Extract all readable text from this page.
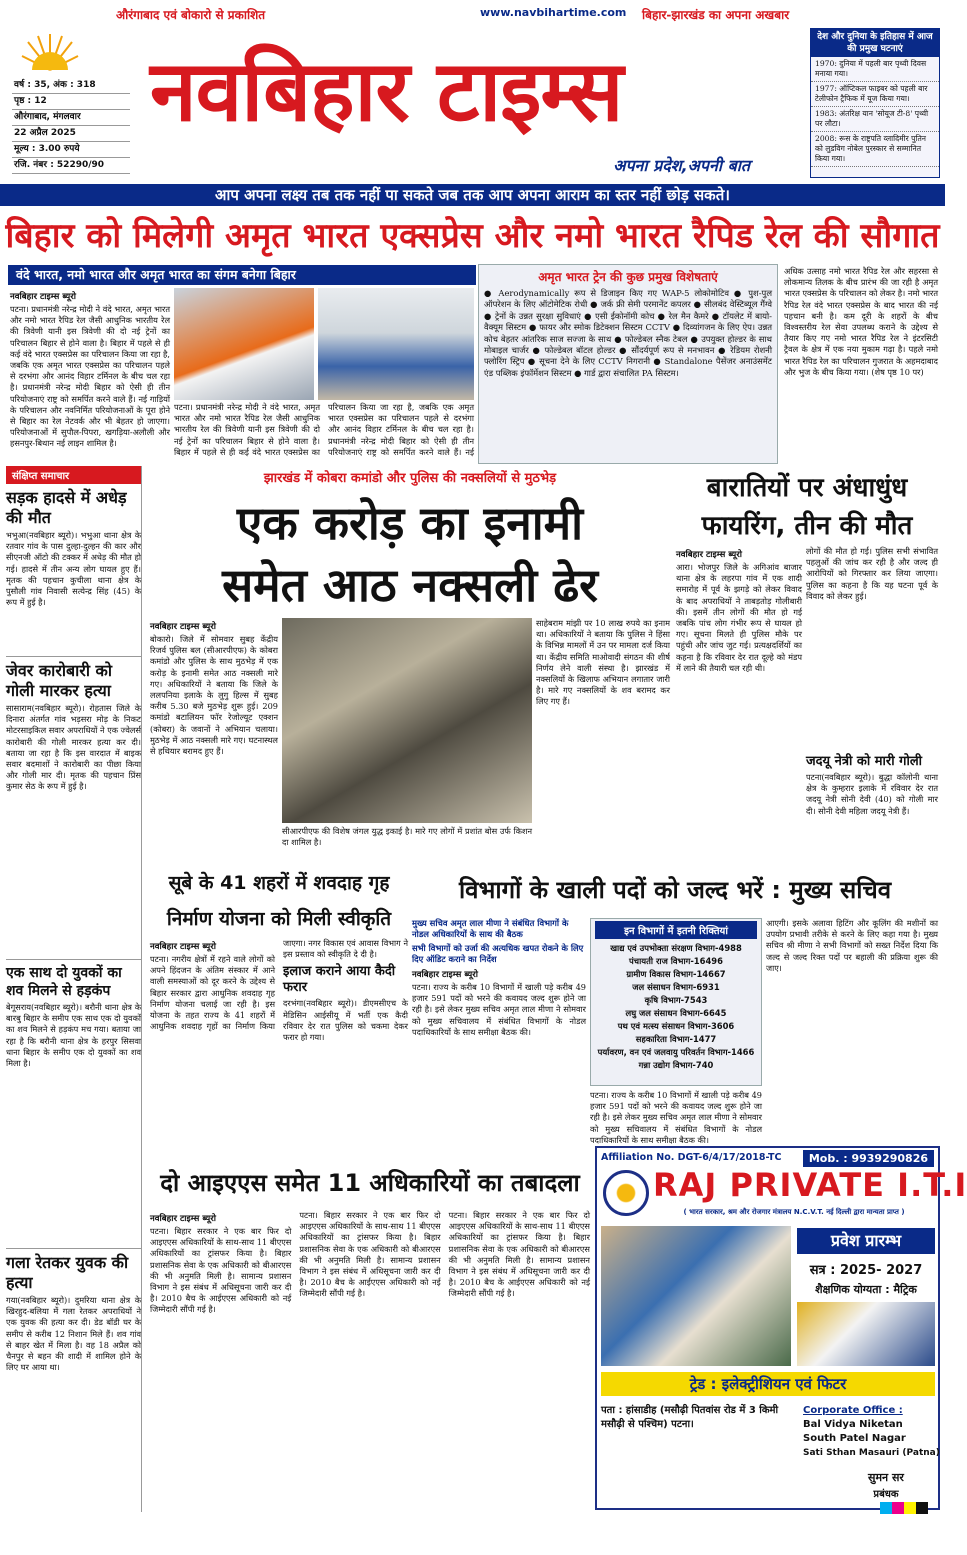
औरंगाबाद एवं बोकारो से प्रकाशित	www.navbihartime.com बिहार-झारखंड का अपना अखबार
वर्ष : 35, अंक : 318
पृष्ठ : 12
औरंगाबाद, मंगलवार
22 अप्रैल 2025
मूल्य : 3.00 रुपये
रजि. नंबर : 52290/90
नवबिहार टाइम्स
अपना प्रदेश,अपनी बात
देश और दुनिया के इतिहास में आज की प्रमुख घटनाएं
1970: दुनिया में पहली बार पृथ्वी दिवस मनाया गया।
1977: ऑप्टिकल फाइबर को पहली बार टेलीफोन ट्रैफिक में यूज किया गया।
1983: अंतरिक्ष यान 'सोयूज टी-8' पृथ्वी पर लौटा।
2008: रूस के राष्ट्रपति व्लादिमीर पुतिन को लुडविग नोबेल पुरस्कार से सम्मानित किया गया।
आप अपना लक्ष्य तब तक नहीं पा सकते जब तक आप अपना आराम का स्तर नहीं छोड़ सकते।
बिहार को मिलेगी अमृत भारत एक्सप्रेस और नमो भारत रैपिड रेल की सौगात
वंदे भारत, नमो भारत और अमृत भारत का संगम बनेगा बिहार
नवबिहार टाइम्स ब्यूरो
पटना। प्रधानमंत्री नरेन्द्र मोदी ने वंदे भारत, अमृत भारत और नमो भारत रैपिड रेल जैसी आधुनिक भारतीय रेल की त्रिवेणी यानी इस त्रिवेणी की दो नई ट्रेनों का परिचालन बिहार से होने वाला है। बिहार में पहले से ही कई वंदे भारत एक्सप्रेस का परिचालन किया जा रहा है, जबकि एक अमृत भारत एक्सप्रेस का परिचालन पहले से दरभंगा और आनंद विहार टर्मिनल के बीच चल रहा है। प्रधानमंत्री नरेन्द्र मोदी बिहार को ऐसी ही तीन परियोजनाएं राष्ट्र को समर्पित करने वाले हैं। नई गाड़ियों के परिचालन और नवनिर्मित परियोजनाओं के पूरा होने से बिहार का रेल नेटवर्क और भी बेहतर हो जाएगा। परियोजनाओं में सुपौल-पिपरा, खगड़िया-अलौली और हसनपुर-बिथान नई लाइन शामिल है।
पटना। प्रधानमंत्री नरेन्द्र मोदी ने वंदे भारत, अमृत भारत और नमो भारत रैपिड रेल जैसी आधुनिक भारतीय रेल की त्रिवेणी यानी इस त्रिवेणी की दो नई ट्रेनों का परिचालन बिहार से होने वाला है। बिहार में पहले से ही कई वंदे भारत एक्सप्रेस का परिचालन किया जा रहा है, जबकि एक अमृत भारत एक्सप्रेस का परिचालन पहले से दरभंगा और आनंद विहार टर्मिनल के बीच चल रहा है। प्रधानमंत्री नरेन्द्र मोदी बिहार को ऐसी ही तीन परियोजनाएं राष्ट्र को समर्पित करने वाले हैं। नई
अमृत भारत ट्रेन की कुछ प्रमुख विशेषताएं
● Aerodynamically रूप से डिजाइन किए गए WAP-5 लोकोमोटिव ● पुश-पुल ऑपरेशन के लिए ऑटोमेटिक रोधी ● जर्क फ्री सेमी परमानेंट कपलर ● सीलबंद वेस्टिब्यूल गैंग्वे ● ट्रेनों के उन्नत सुरक्षा सुविधाएं ● एसी ईकोनॉमी कोच ● रेल मैन कैमरे ● टॉयलेट में बायो-वैक्यूम सिस्टम ● फायर और स्मोक डिटेक्शन सिस्टम CCTV ● दिव्यांगजन के लिए ऐप। उन्नत कोच बेहतर आंतरिक साज सज्जा के साथ ● फोल्डेबल स्नैक टेबल ● उपयुक्त होल्डर के साथ मोबाइल चार्जर ● फोल्डेबल बॉटल होल्डर ● सौंदर्यपूर्ण रूप से मनभावन ● रेडियम रोशनी फ्लोरिंग स्ट्रिप ● सूचना देने के लिए CCTV निगरानी ● Standalone पैसेंजर अनाउंसमेंट एंड पब्लिक इंफॉर्मेशन सिस्टम ● गार्ड द्वारा संचालित PA सिस्टम।
अधिक उत्साह नमो भारत रैपिड रेल और सहरसा से लोकमान्य तिलक के बीच प्रारंभ की जा रही है अमृत भारत एक्सप्रेस के परिचालन को लेकर है। नमो भारत रैपिड रेल वंदे भारत एक्सप्रेस के बाद भारत की नई पहचान बनी है। कम दूरी के शहरों के बीच विश्वस्तरीय रेल सेवा उपलब्ध कराने के उद्देश्य से तैयार किए गए नमो भारत रैपिड रेल ने इंटरसिटी ट्रैवल के क्षेत्र में एक नया मुकाम गढ़ा है। पहले नमो भारत रैपिड रेल का परिचालन गुजरात के अहमदाबाद और भुज के बीच किया गया। (शेष पृष्ठ 10 पर)
संक्षिप्त समाचार
सड़क हादसे में अधेड़ की मौत
भभुआ(नवबिहार ब्यूरो)। भभुआ थाना क्षेत्र के रतवार गांव के पास दुल्हा-दुल्हन की कार और सीएनजी ऑटो की टक्कर में अधेड़ की मौत हो गई। हादसे में तीन अन्य लोग घायल हुए हैं। मृतक की पहचान कुचीला थाना क्षेत्र के पुसौली गांव निवासी सत्येन्द्र सिंह (45) के रूप में हुई है।
जेवर कारोबारी को गोली मारकर हत्या
सासाराम(नवबिहार ब्यूरो)। रोहतास जिले के दिनारा अंतर्गत गांव भड़सरा मोड़ के निकट मोटरसाइकिल सवार अपराधियों ने एक ज्वेलर्स कारोबारी की गोली मारकर हत्या कर दी। बताया जा रहा है कि इस वारदात में बाइक सवार बदमाशों ने कारोबारी का पीछा किया और गोली मार दी। मृतक की पहचान प्रिंस कुमार सेठ के रूप में हुई है।
एक साथ दो युवकों का शव मिलने से हड़कंप
बेगूसराय(नवबिहार ब्यूरो)। बरौनी थाना क्षेत्र के बारबु बिहार के समीप एक साथ एक दो युवकों का शव मिलने से हड़कंप मच गया। बताया जा रहा है कि बरौनी थाना क्षेत्र के हरपुर सिसवा धाना बिहार के समीप एक दो युवकों का शव मिला है।
गला रेतकर युवक की हत्या
गया(नवबिहार ब्यूरो)। दुमरिया थाना क्षेत्र के खिरहुद-बलिया में गला रेतकर अपराधियों ने एक युवक की हत्या कर दी। डेड बॉडी घर के समीप से करीब 12 निशान मिले हैं। शव गांव से बाहर खेत में मिला है। वह 18 अप्रैल को चैनपुर से बहन की शादी में शामिल होने के लिए घर आया था।
झारखंड में कोबरा कमांडो और पुलिस की नक्सलियों से मुठभेड़
एक करोड़ का इनामी
समेत आठ नक्सली ढेर
नवबिहार टाइम्स ब्यूरो
बोकारो। जिले में सोमवार सुबह केंद्रीय रिजर्व पुलिस बल (सीआरपीएफ) के कोबरा कमांडो और पुलिस के साथ मुठभेड़ में एक करोड़ के इनामी समेत आठ नक्सली मारे गए। अधिकारियों ने बताया कि जिले के ललपनिया इलाके के लुगु हिल्स में सुबह करीब 5.30 बजे मुठभेड़ शुरू हुई। 209 कमांडो बटालियन फॉर रेजोल्यूट एक्शन (कोबरा) के जवानों ने अभियान चलाया। मुठभेड़ में आठ नक्सली मारे गए। घटनास्थल से हथियार बरामद हुए हैं।
सीआरपीएफ की विशेष जंगल युद्ध इकाई है। मारे गए लोगों में प्रशांत बोस उर्फ किशन दा शामिल है।
साहेबराम मांझी पर 10 लाख रुपये का इनाम था। अधिकारियों ने बताया कि पुलिस ने हिंसा के विभिन्न मामलों में उन पर मामला दर्ज किया था। केंद्रीय समिति माओवादी संगठन की शीर्ष निर्णय लेने वाली संस्था है। झारखंड में नक्सलियों के खिलाफ अभियान लगातार जारी है। मारे गए नक्सलियों के शव बरामद कर लिए गए हैं।
बारातियों पर अंधाधुंध
फायरिंग, तीन की मौत
नवबिहार टाइम्स ब्यूरो
आरा। भोजपुर जिले के अगिआंव बाजार थाना क्षेत्र के लहरपा गांव में एक शादी समारोह में पूर्व के झगड़े को लेकर विवाद के बाद अपराधियों ने ताबड़तोड़ गोलीबारी की। इसमें तीन लोगों की मौत हो गई जबकि पांच लोग गंभीर रूप से घायल हो गए। सूचना मिलते ही पुलिस मौके पर पहुंची और जांच जुट गई। प्रत्यक्षदर्शियों का कहना है कि रविवार देर रात दूल्हे को मंडप में लाने की तैयारी चल रही थी।
लोगों की मौत हो गई। पुलिस सभी संभावित पहलुओं की जांच कर रही है और जल्द ही आरोपियों को गिरफ्तार कर लिया जाएगा। पुलिस का कहना है कि यह घटना पूर्व के विवाद को लेकर हुई।
जदयू नेत्री को मारी गोली
पटना(नवबिहार ब्यूरो)। बुद्धा कॉलोनी थाना क्षेत्र के कुम्हरार इलाके में रविवार देर रात जदयू नेत्री सोनी देवी (40) को गोली मार दी। सोनी देवी महिला जदयू नेत्री हैं।
सूबे के 41 शहरों में शवदाह गृह
निर्माण योजना को मिली स्वीकृति
नवबिहार टाइम्स ब्यूरो
पटना। नगरीय क्षेत्रों में रहने वाले लोगों को अपने हिंदजन के अंतिम संस्कार में आने वाली समस्याओं को दूर करने के उद्देश्य से बिहार सरकार द्वारा आधुनिक शवदाह गृह निर्माण योजना चलाई जा रही है। इस योजना के तहत राज्य के 41 शहरों में आधुनिक शवदाह गृहों का निर्माण किया जाएगा। नगर विकास एवं आवास विभाग ने इस प्रस्ताव को स्वीकृति दे दी है।
इलाज कराने आया कैदी फरार
दरभंगा(नवबिहार ब्यूरो)। डीएमसीएच के मेडिसिन आईसीयू में भर्ती एक कैदी रविवार देर रात पुलिस को चकमा देकर फरार हो गया।
विभागों के खाली पदों को जल्द भरें : मुख्य सचिव
मुख्य सचिव अमृत लाल मीणा ने संबंधित विभागों के नोडल अधिकारियों के साथ की बैठक
सभी विभागों को उर्जा की अत्यधिक खपत रोकने के लिए दिए ऑडिट कराने का निर्देश
नवबिहार टाइम्स ब्यूरो
पटना। राज्य के करीब 10 विभागों में खाली पड़े करीब 49 हजार 591 पदों को भरने की कवायद जल्द शुरू होने जा रही है। इसे लेकर मुख्य सचिव अमृत लाल मीणा ने सोमवार को मुख्य सचिवालय में संबंधित विभागों के नोडल पदाधिकारियों के साथ समीक्षा बैठक की।
इन विभागों में इतनी रिक्तियां
खाद्य एवं उपभोक्ता संरक्षण विभाग-4988
पंचायती राज विभाग-16496
ग्रामीण विकास विभाग-14667
जल संसाधन विभाग-6931
कृषि विभाग-7543
लघु जल संसाधन विभाग-6645
पथ एवं मत्स्य संसाधन विभाग-3606
सहकारिता विभाग-1477
पर्यावरण, वन एवं जलवायु परिवर्तन विभाग-1466
गन्ना उद्योग विभाग-740
पटना। राज्य के करीब 10 विभागों में खाली पड़े करीब 49 हजार 591 पदों को भरने की कवायद जल्द शुरू होने जा रही है। इसे लेकर मुख्य सचिव अमृत लाल मीणा ने सोमवार को मुख्य सचिवालय में संबंधित विभागों के नोडल पदाधिकारियों के साथ समीक्षा बैठक की।
आएगी। इसके अलावा हिटिंग और कूलिंग की मशीनों का उपयोग प्रभावी तरीके से करने के लिए कहा गया है। मुख्य सचिव श्री मीणा ने सभी विभागों को सख्त निर्देश दिया कि जल्द से जल्द रिक्त पदों पर बहाली की प्रक्रिया शुरू की जाए।
दो आइएएस समेत 11 अधिकारियों का तबादला
नवबिहार टाइम्स ब्यूरो
पटना। बिहार सरकार ने एक बार फिर दो आइएएस अधिकारियों के साथ-साथ 11 बीएएस अधिकारियों का ट्रांसफर किया है। बिहार प्रशासनिक सेवा के एक अधिकारी को बीआरएस की भी अनुमति मिली है। सामान्य प्रशासन विभाग ने इस संबंध में अधिसूचना जारी कर दी है। 2010 बैच के आईएएस अधिकारी को नई जिम्मेदारी सौंपी गई है।
पटना। बिहार सरकार ने एक बार फिर दो आइएएस अधिकारियों के साथ-साथ 11 बीएएस अधिकारियों का ट्रांसफर किया है। बिहार प्रशासनिक सेवा के एक अधिकारी को बीआरएस की भी अनुमति मिली है। सामान्य प्रशासन विभाग ने इस संबंध में अधिसूचना जारी कर दी है। 2010 बैच के आईएएस अधिकारी को नई जिम्मेदारी सौंपी गई है।
पटना। बिहार सरकार ने एक बार फिर दो आइएएस अधिकारियों के साथ-साथ 11 बीएएस अधिकारियों का ट्रांसफर किया है। बिहार प्रशासनिक सेवा के एक अधिकारी को बीआरएस की भी अनुमति मिली है। सामान्य प्रशासन विभाग ने इस संबंध में अधिसूचना जारी कर दी है। 2010 बैच के आईएएस अधिकारी को नई जिम्मेदारी सौंपी गई है।
Affiliation No. DGT-6/4/17/2018-TC	Mob. : 9939290826
RAJ PRIVATE I.T.I
( भारत सरकार, श्रम और रोजगार मंत्रालय N.C.V.T. नई दिल्ली द्वारा मान्यता प्राप्त )
प्रवेश प्रारम्भ
सत्र : 2025- 2027
शैक्षणिक योग्यता : मैट्रिक
ट्रेड : इलेक्ट्रीशियन एवं फिटर
पता : हांसाडीह (मसौढ़ी पितवांस रोड में 3 किमी मसौढ़ी से पश्चिम) पटना।
Corporate Office :
Bal Vidya Niketan
South Patel Nagar
Sati Sthan Masauri (Patna)
सुमन सर
प्रबंधक
